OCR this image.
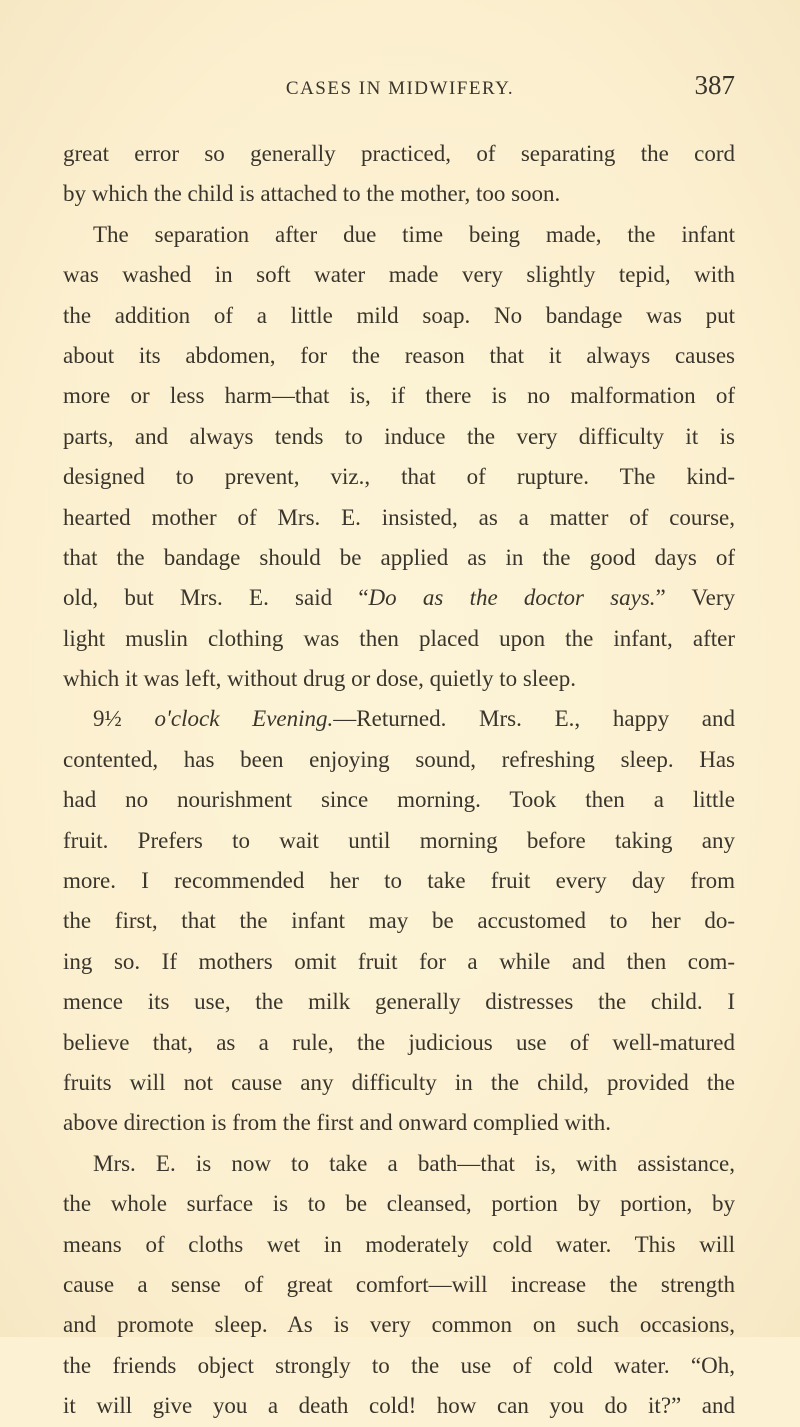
CASES IN MIDWIFERY.	387
great error so generally practiced, of separating the cord
by which the child is attached to the mother, too soon.
The separation after due time being made, the infant
was washed in soft water made very slightly tepid, with
the addition of a little mild soap. No bandage was put
about its abdomen, for the reason that it always causes
more or less harm—that is, if there is no malformation of
parts, and always tends to induce the very difficulty it is
designed to prevent, viz., that of rupture. The kind-
hearted mother of Mrs. E. insisted, as a matter of course,
that the bandage should be applied as in the good days of
old, but Mrs. E. said “Do as the doctor says.” Very
light muslin clothing was then placed upon the infant, after
which it was left, without drug or dose, quietly to sleep.
9½ o'clock Evening.—Returned. Mrs. E., happy and
contented, has been enjoying sound, refreshing sleep. Has
had no nourishment since morning. Took then a little
fruit. Prefers to wait until morning before taking any
more. I recommended her to take fruit every day from
the first, that the infant may be accustomed to her do-
ing so. If mothers omit fruit for a while and then com-
mence its use, the milk generally distresses the child. I
believe that, as a rule, the judicious use of well-matured
fruits will not cause any difficulty in the child, provided the
above direction is from the first and onward complied with.
Mrs. E. is now to take a bath—that is, with assistance,
the whole surface is to be cleansed, portion by portion, by
means of cloths wet in moderately cold water. This will
cause a sense of great comfort—will increase the strength
and promote sleep. As is very common on such occasions,
the friends object strongly to the use of cold water. “Oh,
it will give you a death cold! how can you do it?” and
